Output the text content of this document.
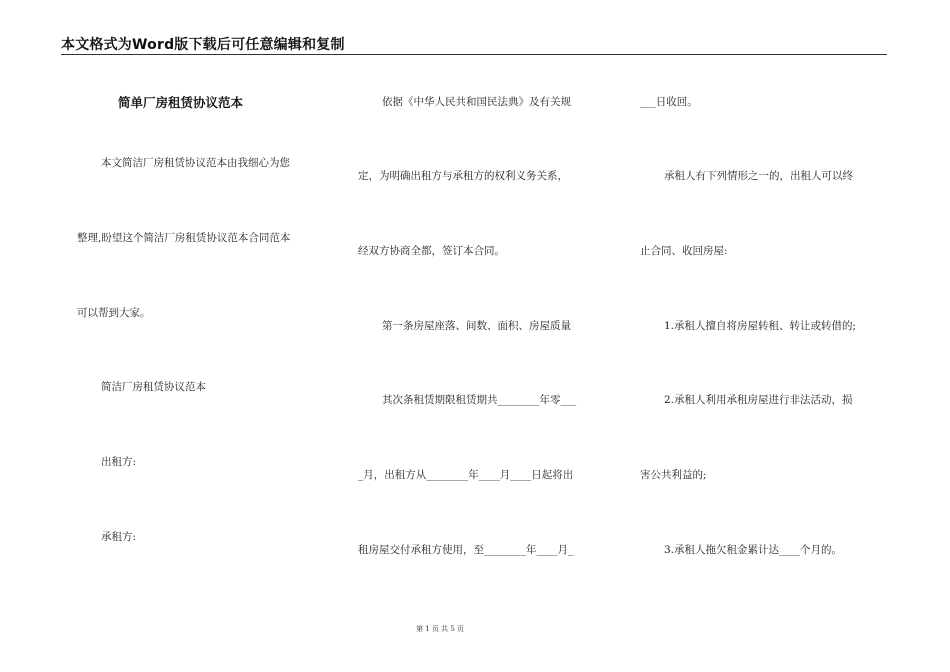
本文格式为Word版下载后可任意编辑和复制
简单厂房租赁协议范本
本文简洁厂房租赁协议范本由我细心为您
整理,盼望这个简洁厂房租赁协议范本合同范本
可以帮到大家。
简洁厂房租赁协议范本
出租方:
承租方:
依据《中华人民共和国民法典》及有关规
定，为明确出租方与承租方的权利义务关系，
经双方协商全都，签订本合同。
第一条房屋座落、间数、面积、房屋质量
其次条租赁期限租赁期共________年零___
_月，出租方从________年____月____日起将出
租房屋交付承租方使用，至________年____月_
___日收回。
承租人有下列情形之一的，出租人可以终
止合同、收回房屋:
1.承租人擅自将房屋转租、转让或转借的;
2.承租人利用承租房屋进行非法活动，损
害公共利益的;
3.承租人拖欠租金累计达____个月的。
第 1 页 共 5 页
